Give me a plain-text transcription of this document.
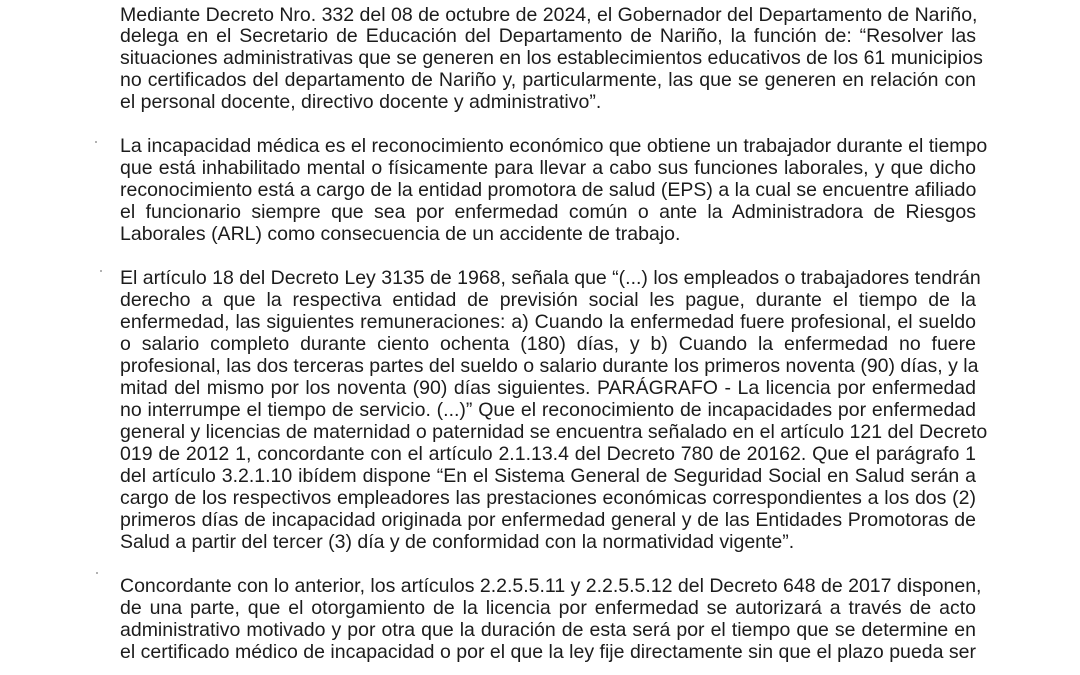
Mediante Decreto Nro. 332 del 08 de octubre de 2024, el Gobernador del Departamento de Nariño,
delega en el Secretario de Educación del Departamento de Nariño, la función de: “Resolver las
situaciones administrativas que se generen en los establecimientos educativos de los 61 municipios
no certificados del departamento de Nariño y, particularmente, las que se generen en relación con
el personal docente, directivo docente y administrativo”.
La incapacidad médica es el reconocimiento económico que obtiene un trabajador durante el tiempo
que está inhabilitado mental o físicamente para llevar a cabo sus funciones laborales, y que dicho
reconocimiento está a cargo de la entidad promotora de salud (EPS) a la cual se encuentre afiliado
el funcionario siempre que sea por enfermedad común o ante la Administradora de Riesgos
Laborales (ARL) como consecuencia de un accidente de trabajo.
El artículo 18 del Decreto Ley 3135 de 1968, señala que “(...) los empleados o trabajadores tendrán
derecho a que la respectiva entidad de previsión social les pague, durante el tiempo de la
enfermedad, las siguientes remuneraciones: a) Cuando la enfermedad fuere profesional, el sueldo
o salario completo durante ciento ochenta (180) días, y b) Cuando la enfermedad no fuere
profesional, las dos terceras partes del sueldo o salario durante los primeros noventa (90) días, y la
mitad del mismo por los noventa (90) días siguientes. PARÁGRAFO - La licencia por enfermedad
no interrumpe el tiempo de servicio. (...)” Que el reconocimiento de incapacidades por enfermedad
general y licencias de maternidad o paternidad se encuentra señalado en el artículo 121 del Decreto
019 de 2012 1, concordante con el artículo 2.1.13.4 del Decreto 780 de 20162. Que el parágrafo 1
del artículo 3.2.1.10 ibídem dispone “En el Sistema General de Seguridad Social en Salud serán a
cargo de los respectivos empleadores las prestaciones económicas correspondientes a los dos (2)
primeros días de incapacidad originada por enfermedad general y de las Entidades Promotoras de
Salud a partir del tercer (3) día y de conformidad con la normatividad vigente”.
Concordante con lo anterior, los artículos 2.2.5.5.11 y 2.2.5.5.12 del Decreto 648 de 2017 disponen,
de una parte, que el otorgamiento de la licencia por enfermedad se autorizará a través de acto
administrativo motivado y por otra que la duración de esta será por el tiempo que se determine en
el certificado médico de incapacidad o por el que la ley fije directamente sin que el plazo pueda ser
